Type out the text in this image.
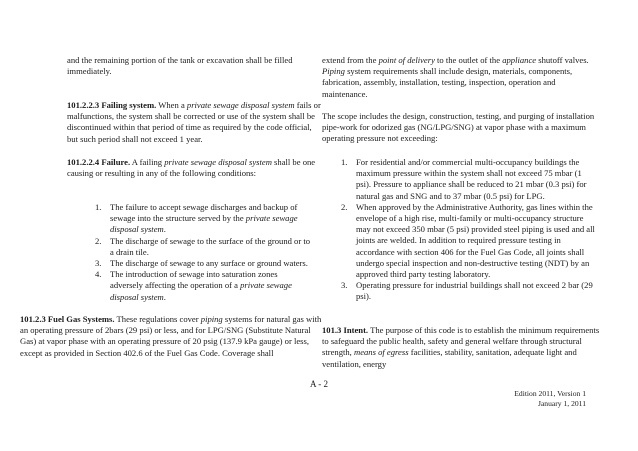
and the remaining portion of the tank or excavation shall be filled immediately.

101.2.2.3 Failing system. When a private sewage disposal system fails or malfunctions, the system shall be corrected or use of the system shall be discontinued within that period of time as required by the code official, but such period shall not exceed 1 year.

101.2.2.4 Failure. A failing private sewage disposal system shall be one causing or resulting in any of the following conditions:

1. The failure to accept sewage discharges and backup of sewage into the structure served by the private sewage disposal system.
2. The discharge of sewage to the surface of the ground or to a drain tile.
3. The discharge of sewage to any surface or ground waters.
4. The introduction of sewage into saturation zones adversely affecting the operation of a private sewage disposal system.

101.2.3 Fuel Gas Systems. These regulations cover piping systems for natural gas with an operating pressure of 2bars (29 psi) or less, and for LPG/SNG (Substitute Natural Gas) at vapor phase with an operating pressure of 20 psig (137.9 kPa gauge) or less, except as provided in Section 402.6 of the Fuel Gas Code. Coverage shall

extend from the point of delivery to the outlet of the appliance shutoff valves. Piping system requirements shall include design, materials, components, fabrication, assembly, installation, testing, inspection, operation and maintenance.

The scope includes the design, construction, testing, and purging of installation pipe-work for odorized gas (NG/LPG/SNG) at vapor phase with a maximum operating pressure not exceeding:

1. For residential and/or commercial multi-occupancy buildings the maximum pressure within the system shall not exceed 75 mbar (1 psi). Pressure to appliance shall be reduced to 21 mbar (0.3 psi) for natural gas and SNG and to 37 mbar (0.5 psi) for LPG.
2. When approved by the Administrative Authority, gas lines within the envelope of a high rise, multi-family or multi-occupancy structure may not exceed 350 mbar (5 psi) provided steel piping is used and all joints are welded. In addition to required pressure testing in accordance with section 406 for the Fuel Gas Code, all joints shall undergo special inspection and non-destructive testing (NDT) by an approved third party testing laboratory.
3. Operating pressure for industrial buildings shall not exceed 2 bar (29 psi).

101.3 Intent. The purpose of this code is to establish the minimum requirements to safeguard the public health, safety and general welfare through structural strength, means of egress facilities, stability, sanitation, adequate light and ventilation, energy

A - 2
Edition 2011, Version 1
January 1, 2011
